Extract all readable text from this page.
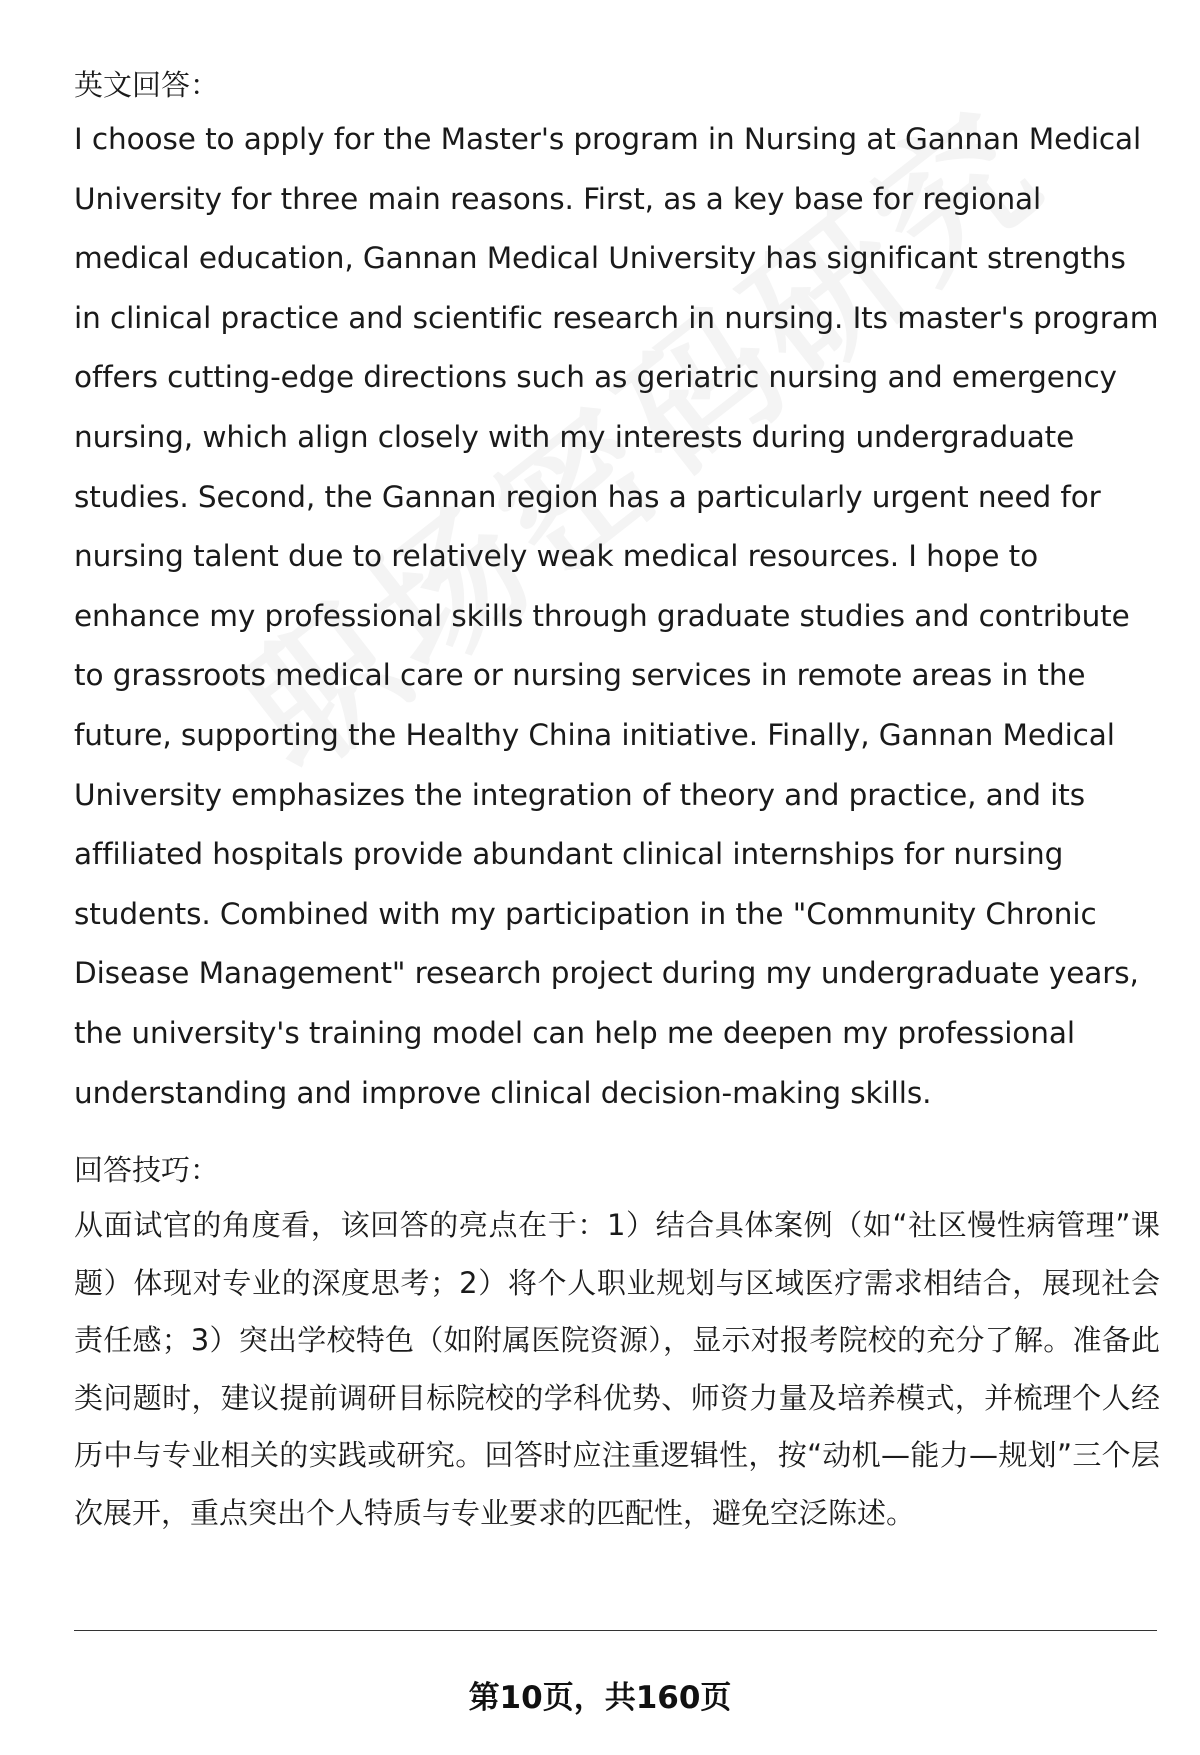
英文回答：

I choose to apply for the Master's program in Nursing at Gannan Medical University for three main reasons. First, as a key base for regional medical education, Gannan Medical University has significant strengths in clinical practice and scientific research in nursing. Its master's program offers cutting-edge directions such as geriatric nursing and emergency nursing, which align closely with my interests during undergraduate studies. Second, the Gannan region has a particularly urgent need for nursing talent due to relatively weak medical resources. I hope to enhance my professional skills through graduate studies and contribute to grassroots medical care or nursing services in remote areas in the future, supporting the Healthy China initiative. Finally, Gannan Medical University emphasizes the integration of theory and practice, and its affiliated hospitals provide abundant clinical internships for nursing students. Combined with my participation in the "Community Chronic Disease Management" research project during my undergraduate years, the university's training model can help me deepen my professional understanding and improve clinical decision-making skills.

回答技巧：

从面试官的角度看，该回答的亮点在于：1）结合具体案例（如“社区慢性病管理”课题）体现对专业的深度思考；2）将个人职业规划与区域医疗需求相结合，展现社会责任感；3）突出学校特色（如附属医院资源），显示对报考院校的充分了解。准备此类问题时，建议提前调研目标院校的学科优势、师资力量及培养模式，并梳理个人经历中与专业相关的实践或研究。回答时应注重逻辑性，按“动机—能力—规划”三个层次展开，重点突出个人特质与专业要求的匹配性，避免空泛陈述。

第10页，共160页
